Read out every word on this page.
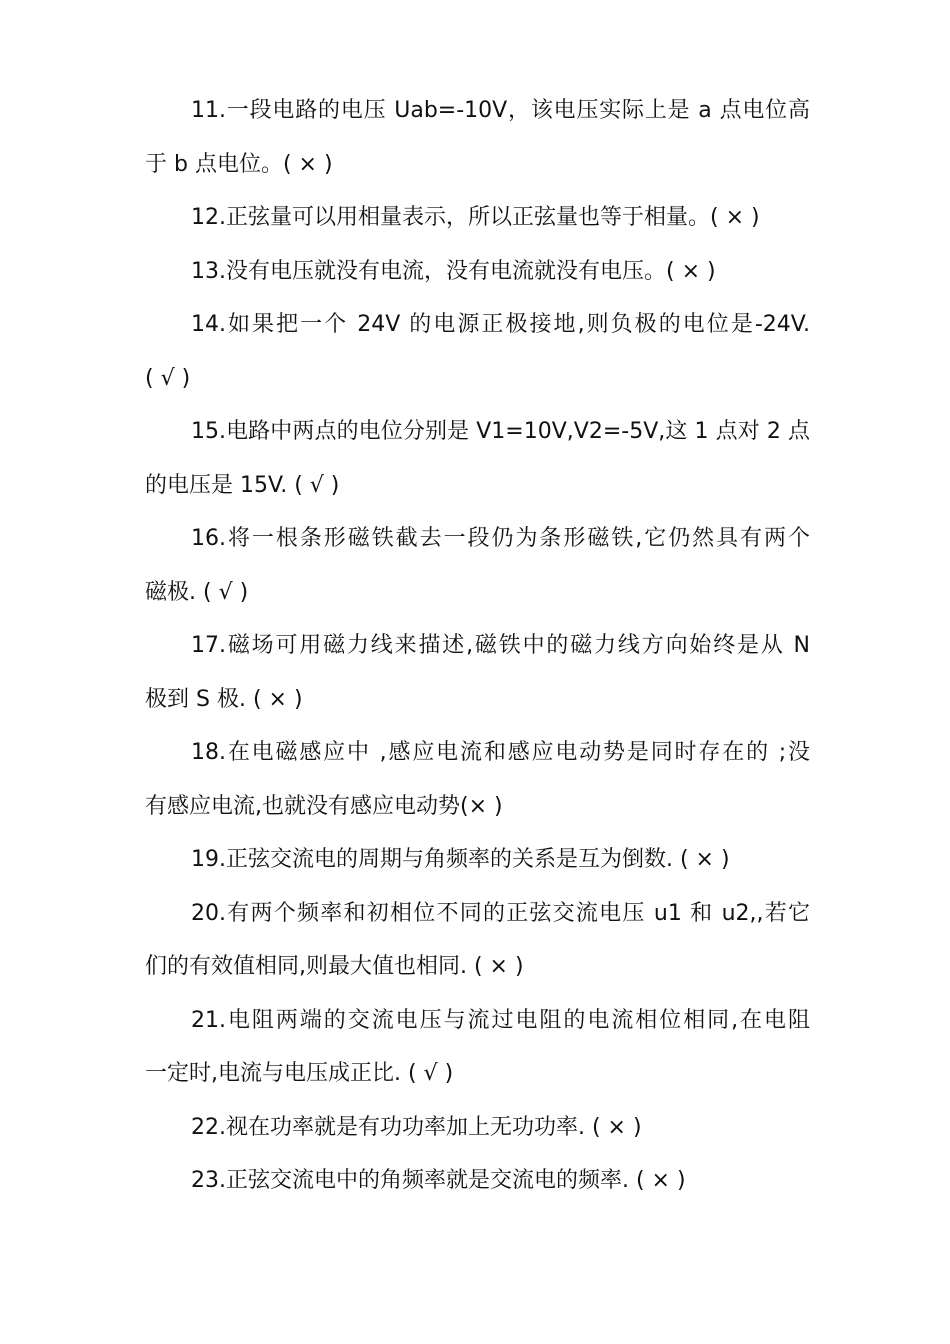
11.一段电路的电压 Uab=-10V，该电压实际上是 a 点电位高
于 b 点电位。( × )
12.正弦量可以用相量表示，所以正弦量也等于相量。( × )
13.没有电压就没有电流，没有电流就没有电压。( × )
14.如果把一个 24V 的电源正极接地,则负极的电位是-24V.
( √ )
15.电路中两点的电位分别是 V1=10V,V2=-5V,这 1 点对 2 点
的电压是 15V. ( √ )
16.将一根条形磁铁截去一段仍为条形磁铁,它仍然具有两个
磁极. ( √ )
17.磁场可用磁力线来描述,磁铁中的磁力线方向始终是从 N
极到 S 极. ( × )
18.在电磁感应中 ,感应电流和感应电动势是同时存在的 ;没
有感应电流,也就没有感应电动势(× )
19.正弦交流电的周期与角频率的关系是互为倒数. ( × )
20.有两个频率和初相位不同的正弦交流电压 u1 和 u2,,若它
们的有效值相同,则最大值也相同. ( × )
21.电阻两端的交流电压与流过电阻的电流相位相同,在电阻
一定时,电流与电压成正比. ( √ )
22.视在功率就是有功功率加上无功功率. ( × )
23.正弦交流电中的角频率就是交流电的频率. ( × )
